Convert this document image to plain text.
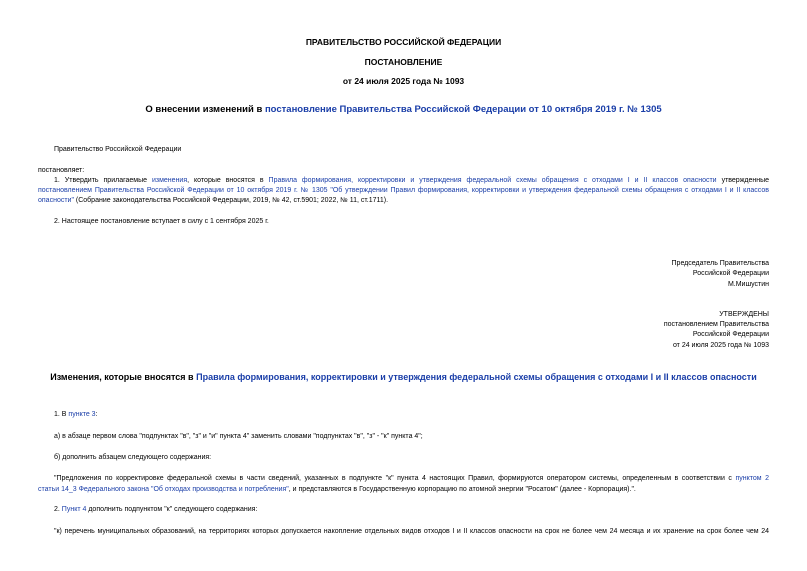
ПРАВИТЕЛЬСТВО РОССИЙСКОЙ ФЕДЕРАЦИИ
ПОСТАНОВЛЕНИЕ
от 24 июля 2025 года № 1093
О внесении изменений в постановление Правительства Российской Федерации от 10 октября 2019 г. № 1305
Правительство Российской Федерации
постановляет:
1. Утвердить прилагаемые изменения, которые вносятся в Правила формирования, корректировки и утверждения федеральной схемы обращения с отходами I и II классов опасности утвержденные
постановлением Правительства Российской Федерации от 10 октября 2019 г. № 1305 "Об утверждении Правил формирования, корректировки и утверждения федеральной схемы обращения с отходами I и II классов
опасности" (Собрание законодательства Российской Федерации, 2019, № 42, ст.5901; 2022, № 11, ст.1711).
2. Настоящее постановление вступает в силу с 1 сентября 2025 г.
Председатель Правительства
Российской Федерации
М.Мишустин
УТВЕРЖДЕНЫ
постановлением Правительства
Российской Федерации
от 24 июля 2025 года № 1093
Изменения, которые вносятся в Правила формирования, корректировки и утверждения федеральной схемы обращения с отходами I и II классов опасности
1. В пункте 3:
а) в абзаце первом слова "подпунктах "в", "з" и "и" пункта 4" заменить словами "подпунктах "в", "з" - "к" пункта 4";
б) дополнить абзацем следующего содержания:
"Предложения по корректировке федеральной схемы в части сведений, указанных в подпункте "к" пункта 4 настоящих Правил, формируются оператором системы, определенным в соответствии с пунктом 2
статьи 14_3 Федерального закона "Об отходах производства и потребления", и представляются в Государственную корпорацию по атомной энергии "Росатом" (далее - Корпорация).".
2. Пункт 4 дополнить подпунктом "к" следующего содержания:
"к) перечень муниципальных образований, на территориях которых допускается накопление отдельных видов отходов I и II классов опасности на срок не более чем 24 месяца и их хранение на срок более чем 24
